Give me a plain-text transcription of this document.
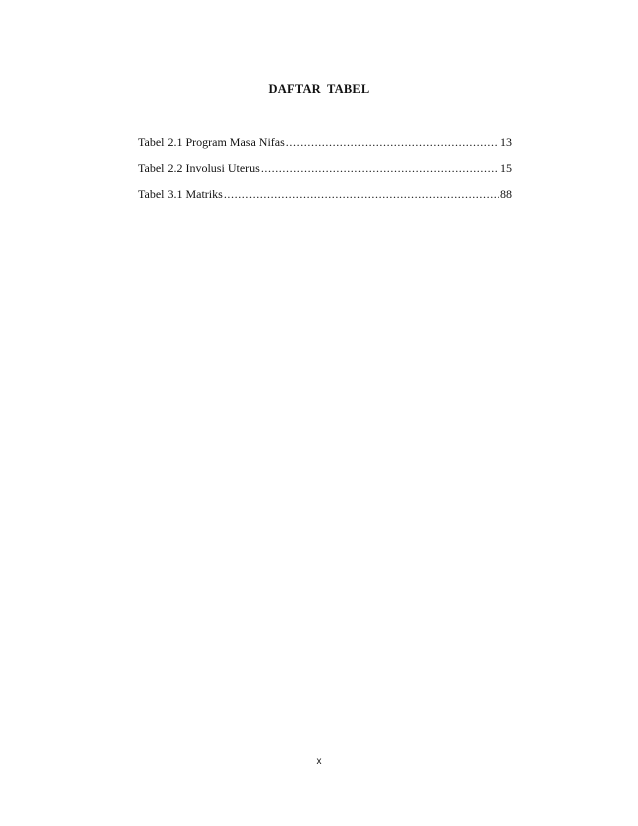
DAFTAR TABEL
Tabel 2.1 Program Masa Nifas .....	13
Tabel 2.2 Involusi Uterus .....	15
Tabel 3.1 Matriks .....	88
x
